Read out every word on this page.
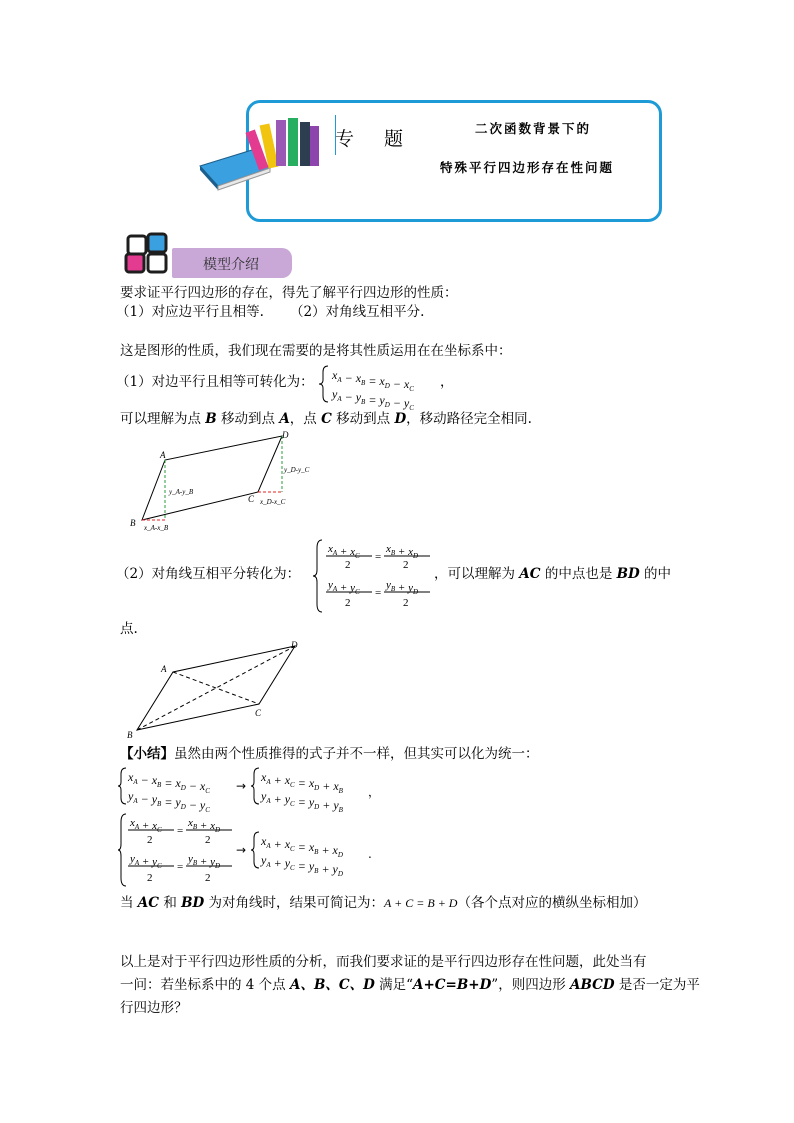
专 题	二次函数背景下的
特殊平行四边形存在性问题
模型介绍
要求证平行四边形的存在，得先了解平行四边形的性质：
（1）对应边平行且相等. （2）对角线互相平分.
这是图形的性质，我们现在需要的是将其性质运用在在坐标系中：
（1）对边平行且相等可转化为： $x_A - x_B = x_D - x_C$
$y_A - y_B = y_D - y_C$
，
可以理解为点 B 移动到点 A，点 C 移动到点 D，移动路径完全相同.
A
B
C
D
y_A-y_B
x_A-x_B
y_D-y_C
x_D-x_C
（2）对角线互相平分转化为：
$x_A + x_C$
2
=
$x_B + x_D$
2
$y_A + y_C$
2
=
$y_B + y_D$
2
，可以理解为 AC 的中点也是 BD 的中
点.
A
B
C
D
【小结】虽然由两个性质推得的式子并不一样，但其实可以化为统一：
$x_A - x_B = x_D - x_C$
$y_A - y_B = y_D - y_C$
→
$x_A + x_C = x_D + x_B$
$y_A + y_C = y_D + y_B$
，
$x_A + x_C$
2
=
$x_B + x_D$
2
$y_A + y_C$
2
=
$y_B + y_D$
2
→
$x_A + x_C = x_B + x_D$
$y_A + y_C = y_B + y_D$
.
当 AC 和 BD 为对角线时，结果可简记为：A + C = B + D（各个点对应的横纵坐标相加）
以上是对于平行四边形性质的分析，而我们要求证的是平行四边形存在性问题，此处当有
一问：若坐标系中的 4 个点 A、B、C、D 满足“A+C=B+D”，则四边形 ABCD 是否一定为平
行四边形？
